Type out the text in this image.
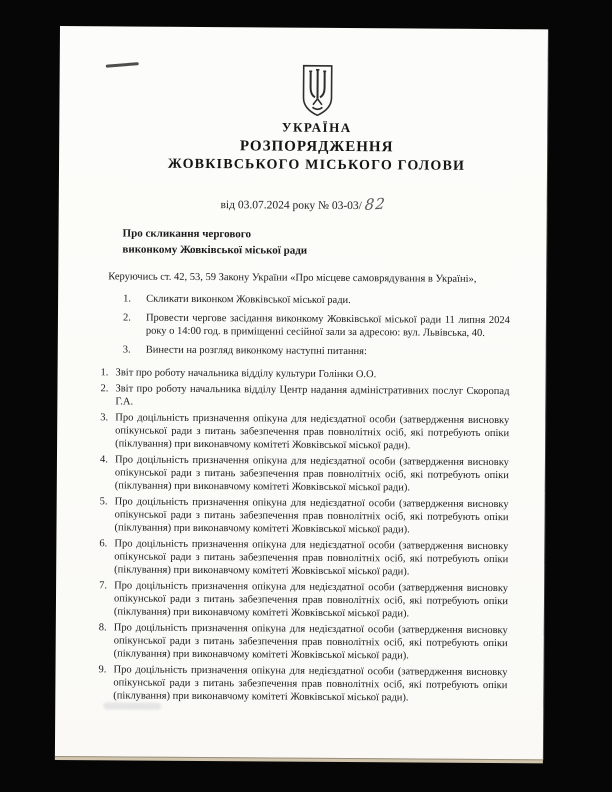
УКРАЇНА
РОЗПОРЯДЖЕННЯ
ЖОВКІВСЬКОГО МІСЬКОГО ГОЛОВИ
від 03.07.2024 року № 03-03/ 82
Про скликання чергового
виконкому Жовківської міської ради
Керуючись ст. 42, 53, 59 Закону України «Про місцеве самоврядування в Україні»,
1. Скликати виконком Жовківської міської ради.
2. Провести чергове засідання виконкому Жовківської міської ради 11 липня 2024 року о 14:00 год. в приміщенні сесійної зали за адресою: вул. Львівська, 40.
3. Винести на розгляд виконкому наступні питання:
1. Звіт про роботу начальника відділу культури Голінки О.О.
2. Звіт про роботу начальника відділу Центр надання адміністративних послуг Скоропад Г.А.
3. Про доцільність призначення опікуна для недієздатної особи (затвердження висновку опікунської ради з питань забезпечення прав повнолітніх осіб, які потребують опіки (піклування) при виконавчому комітеті Жовківської міської ради).
4. Про доцільність призначення опікуна для недієздатної особи (затвердження висновку опікунської ради з питань забезпечення прав повнолітніх осіб, які потребують опіки (піклування) при виконавчому комітеті Жовківської міської ради).
5. Про доцільність призначення опікуна для недієздатної особи (затвердження висновку опікунської ради з питань забезпечення прав повнолітніх осіб, які потребують опіки (піклування) при виконавчому комітеті Жовківської міської ради).
6. Про доцільність призначення опікуна для недієздатної особи (затвердження висновку опікунської ради з питань забезпечення прав повнолітніх осіб, які потребують опіки (піклування) при виконавчому комітеті Жовківської міської ради).
7. Про доцільність призначення опікуна для недієздатної особи (затвердження висновку опікунської ради з питань забезпечення прав повнолітніх осіб, які потребують опіки (піклування) при виконавчому комітеті Жовківської міської ради).
8. Про доцільність призначення опікуна для недієздатної особи (затвердження висновку опікунської ради з питань забезпечення прав повнолітніх осіб, які потребують опіки (піклування) при виконавчому комітеті Жовківської міської ради).
9. Про доцільність призначення опікуна для недієздатної особи (затвердження висновку опікунської ради з питань забезпечення прав повнолітніх осіб, які потребують опіки (піклування) при виконавчому комітеті Жовківської міської ради).
